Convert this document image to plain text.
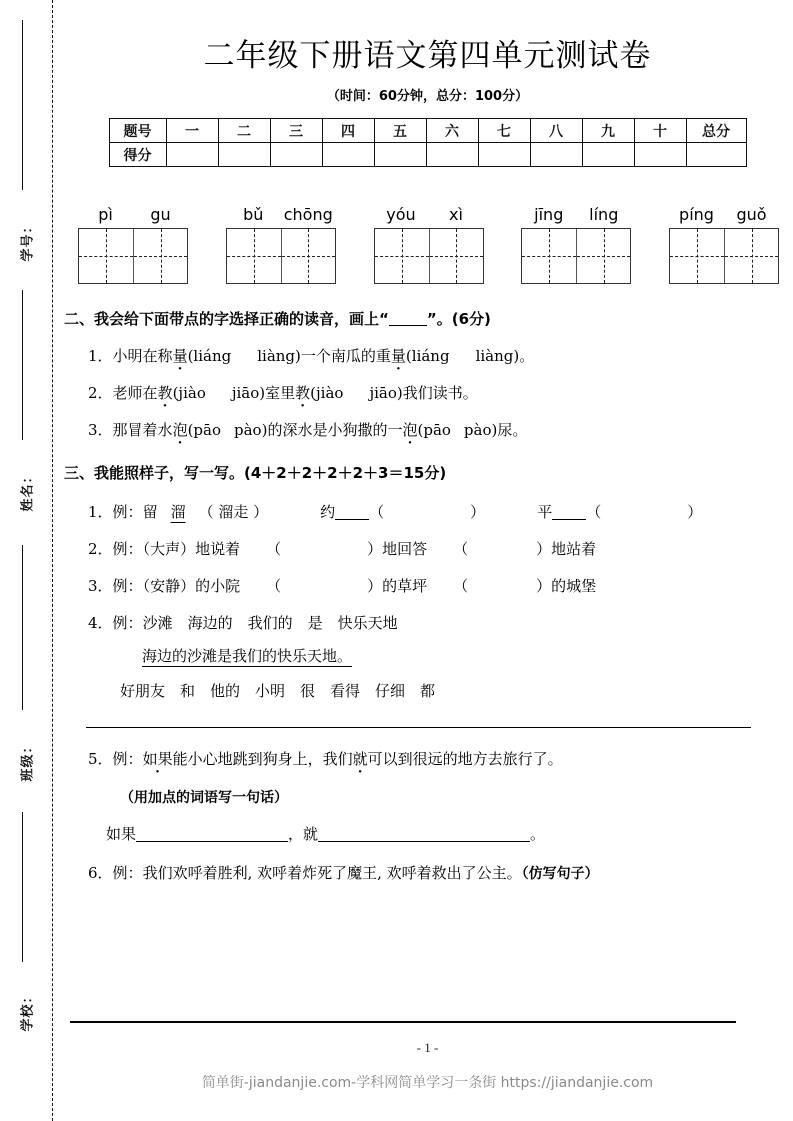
学号：
姓名：
班级：
学校：
二年级下册语文第四单元测试卷
（时间：60分钟，总分：100分）
题号	一	二	三	四	五	六	七	八	九	十	总分
得分											
pì	gu	bǔ	chōng	yóu	xì	jīng	líng	píng	guǒ
二、我会给下面带点的字选择正确的读音，画上“	”。(6分)
1．小明在称量(liáng liàng)一个南瓜的重量(liáng liàng)。
2．老师在教(jiào jiāo)室里教(jiào jiāo)我们读书。
3．那冒着水泡(pāo pào)的深水是小狗撒的一泡(pāo pào)尿。
三、我能照样子，写一写。(4＋2＋2＋2＋2＋3＝15分)
1．例：留 溜 （ 溜走 ）	约 （	）	平 （	）
2．例：（大声）地说着 （	）地回答 （	）地站着
3．例：（安静）的小院 （	）的草坪 （	）的城堡
4．例：沙滩　海边的　我们的　是　快乐天地
海边的沙滩是我们的快乐天地。
好朋友　和　他的　小明　很　看得　仔细　都
5．例：如果能小心地跳到狗身上，我们就可以到很远的地方去旅行了。
（用加点的词语写一句话）
如果	，就	。
6．例：我们欢呼着胜利, 欢呼着炸死了魔王, 欢呼着救出了公主。（仿写句子）
- 1 -
简单街-jiandanjie.com-学科网简单学习一条街 https://jiandanjie.com
